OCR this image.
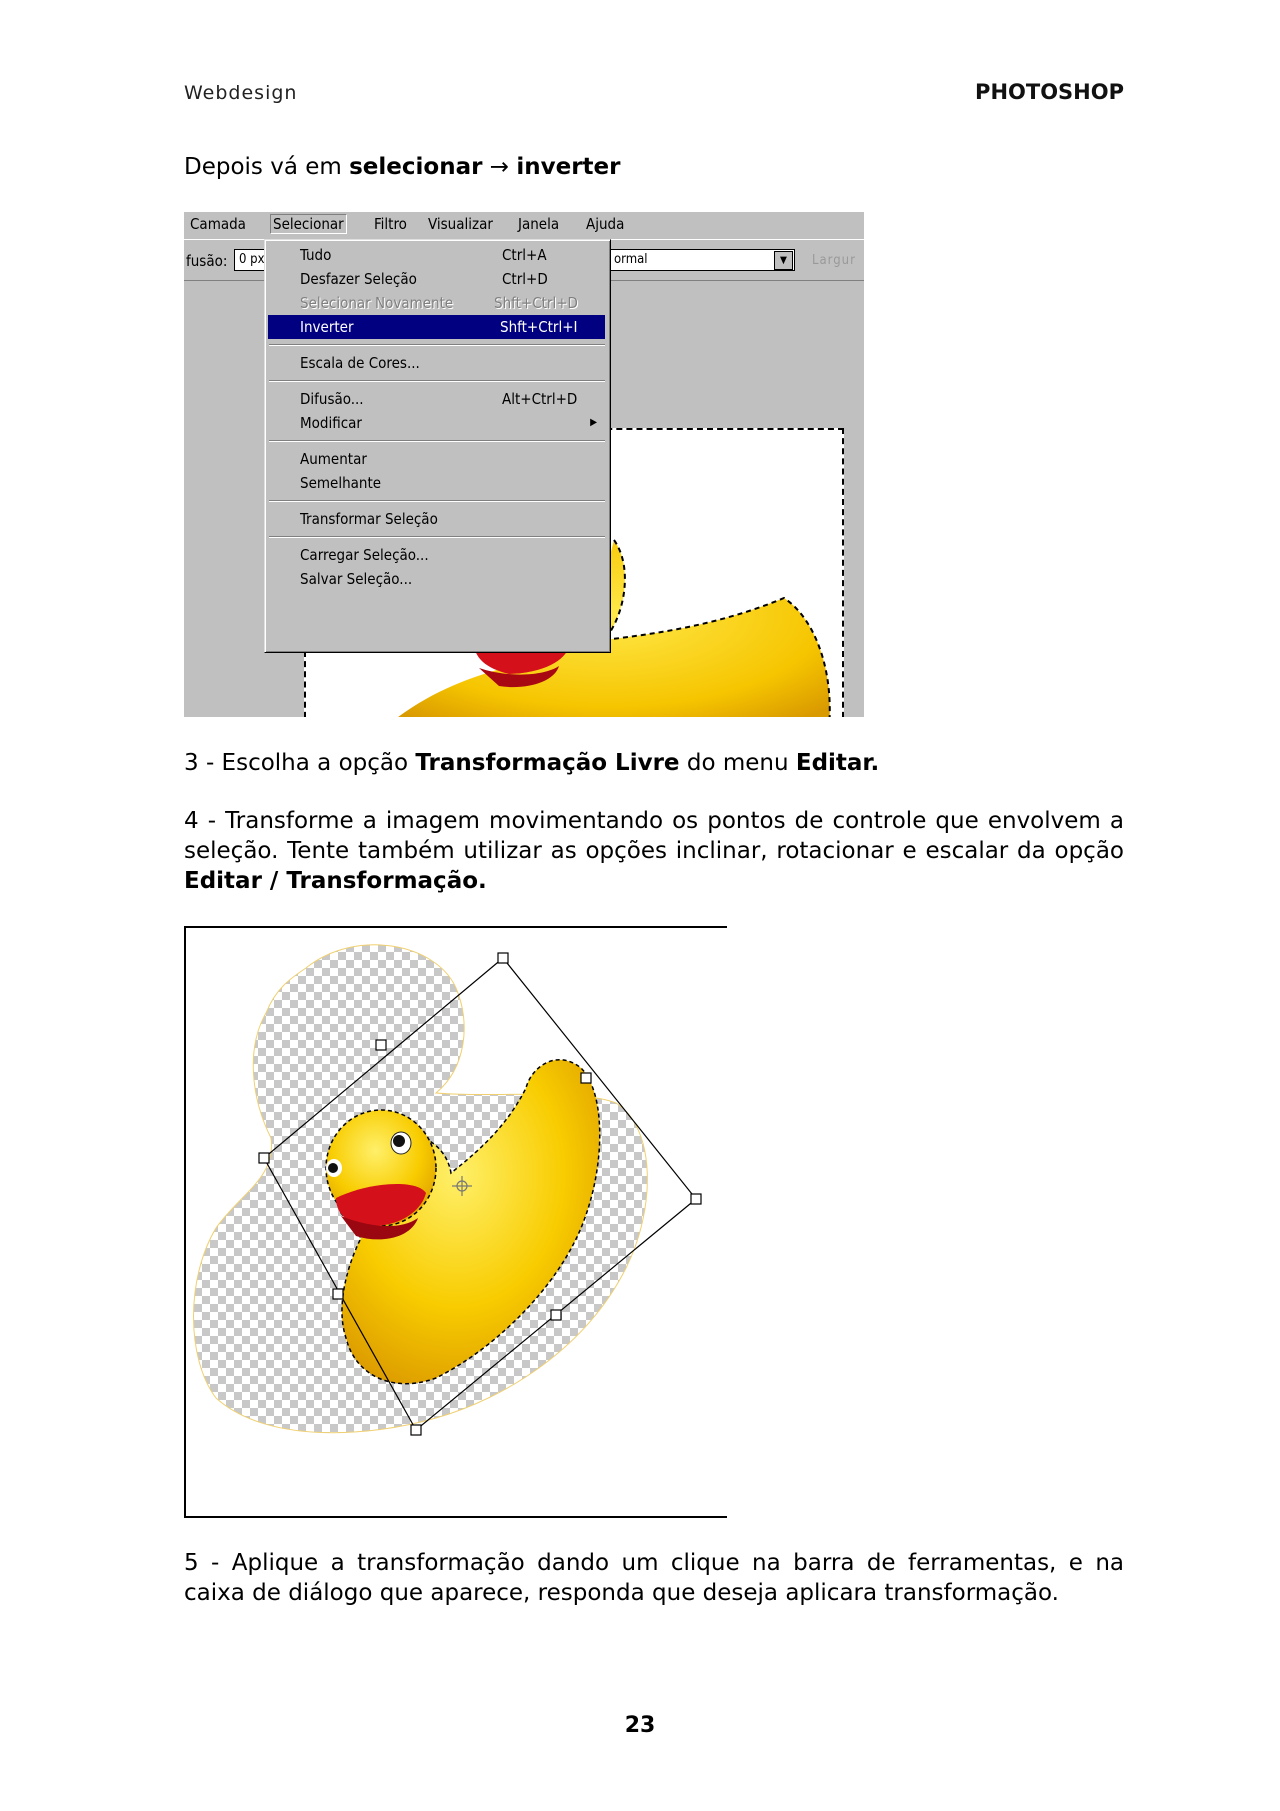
Webdesign	PHOTOSHOP
Depois vá em selecionar → inverter
Camada Selecionar Filtro Visualizar Janela Ajuda
fusão: 0 px	ormal	▼	Largur
Tudo	Ctrl+A
Desfazer Seleção	Ctrl+D
Selecionar Novamente	Shft+Ctrl+D
Inverter	Shft+Ctrl+I
Escala de Cores...
Difusão...	Alt+Ctrl+D
Modificar	▶
Aumentar
Semelhante
Transformar Seleção
Carregar Seleção...
Salvar Seleção...
3 - Escolha a opção Transformação Livre do menu Editar.
4 - Transforme a imagem movimentando os pontos de controle que envolvem a seleção. Tente também utilizar as opções inclinar, rotacionar e escalar da opção Editar / Transformação.
5 - Aplique a transformação dando um clique na barra de ferramentas, e na caixa de diálogo que aparece, responda que deseja aplicara transformação.
23
